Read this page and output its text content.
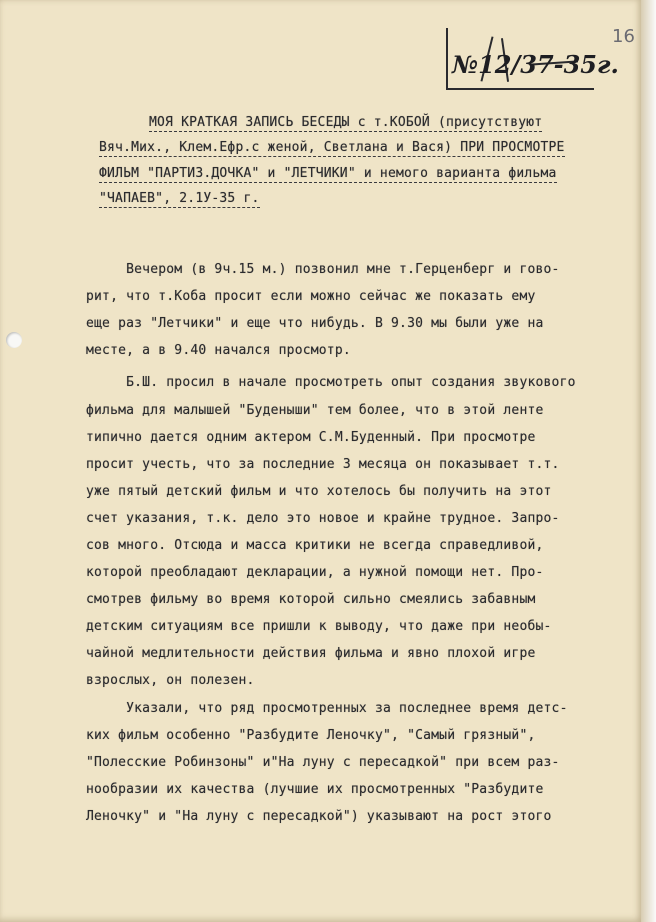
16
№12/37-35г.
МОЯ КРАТКАЯ ЗАПИСЬ БЕСЕДЫ с т.КОБОЙ (присутствуют
Вяч.Мих., Клем.Ефр.с женой, Светлана и Вася) ПРИ ПРОСМОТРЕ
ФИЛЬМ "ПАРТИЗ.ДОЧКА" и "ЛЕТЧИКИ" и немого варианта фильма
"ЧАПАЕВ", 2.1У-35 г.
Вечером (в 9ч.15 м.) позвонил мне т.Герценберг и гово-
рит, что т.Коба просит если можно сейчас же показать ему
еще раз "Летчики" и еще что нибудь. В 9.30 мы были уже на
месте, а в 9.40 начался просмотр.
Б.Ш. просил в начале просмотреть опыт создания звукового
фильма для малышей "Буденыши" тем более, что в этой ленте
типично дается одним актером С.М.Буденный. При просмотре
просит учесть, что за последние 3 месяца он показывает т.т.
уже пятый детский фильм и что хотелось бы получить на этот
счет указания, т.к. дело это новое и крайне трудное. Запро-
сов много. Отсюда и масса критики не всегда справедливой,
которой преобладают декларации, а нужной помощи нет. Про-
смотрев фильму во время которой сильно смеялись забавным
детским ситуациям все пришли к выводу, что даже при необы-
чайной медлительности действия фильма и явно плохой игре
взрослых, он полезен.
Указали, что ряд просмотренных за последнее время детс-
ких фильм особенно "Разбудите Леночку", "Самый грязный",
"Полесские Робинзоны" и"На луну с пересадкой" при всем раз-
нообразии их качества (лучшие их просмотренных "Разбудите
Леночку" и "На луну с пересадкой") указывают на рост этого
